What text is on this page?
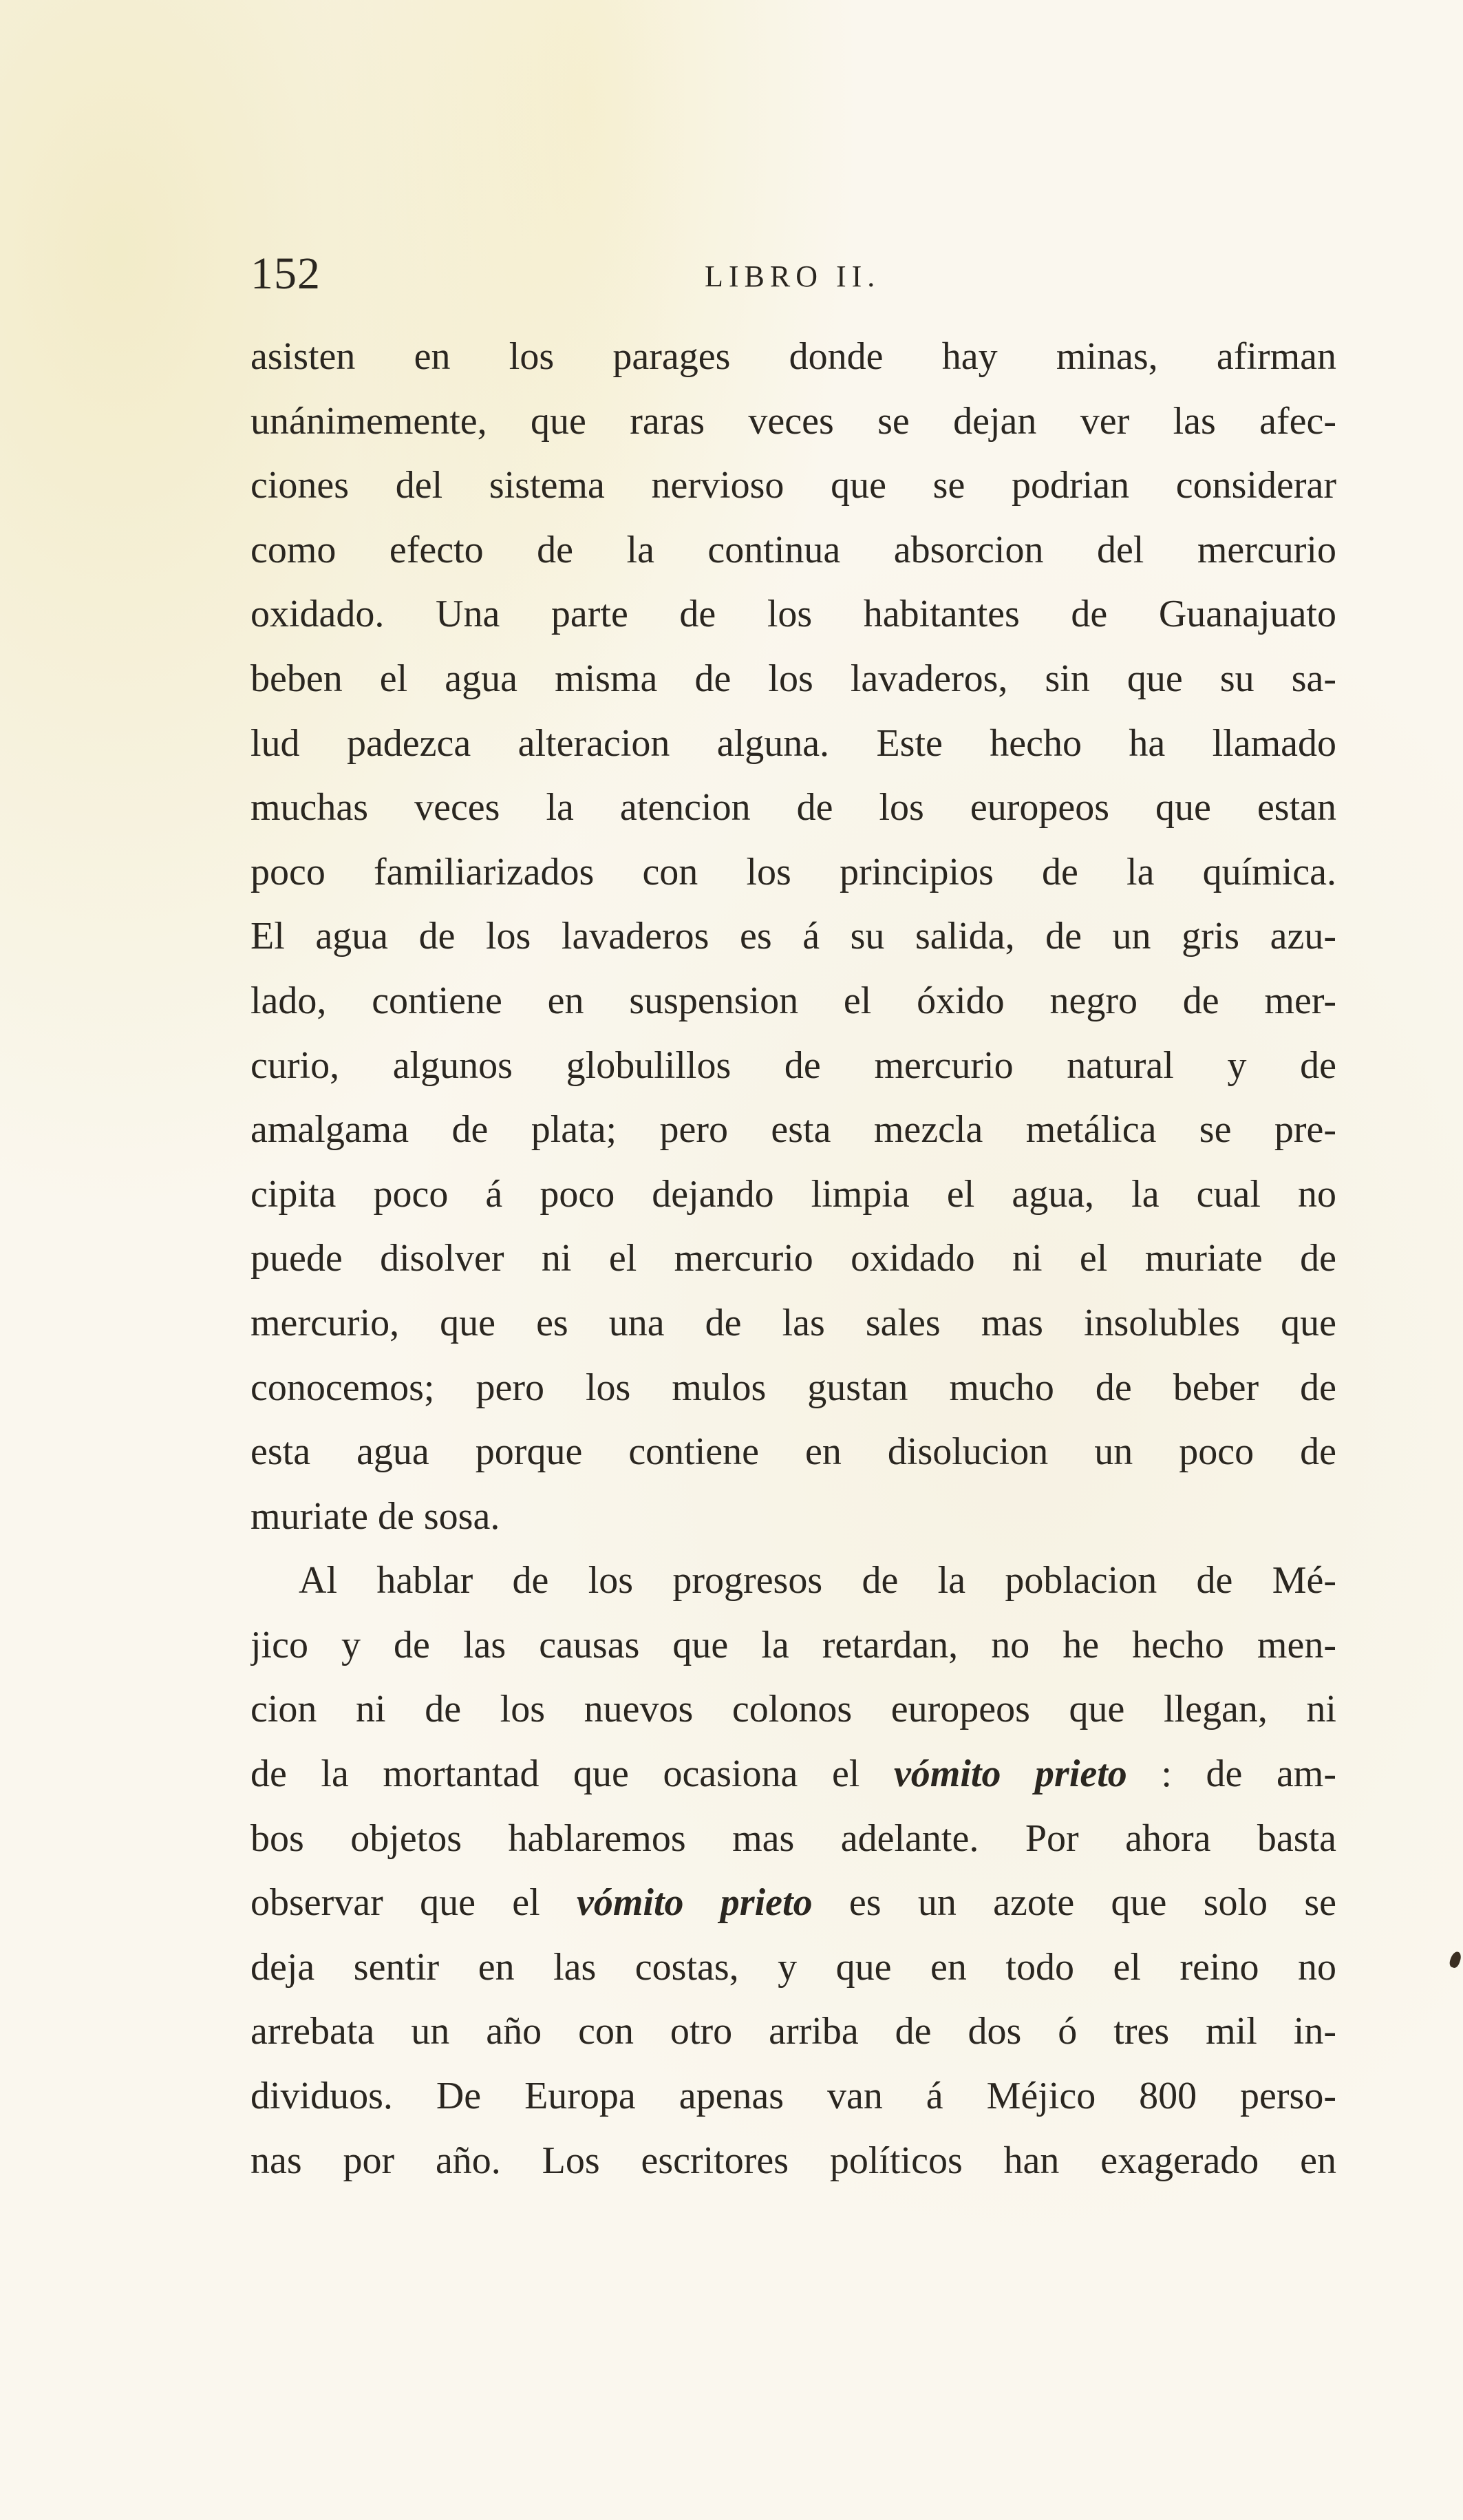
152	LIBRO II.
asisten en los parages donde hay minas, afirman
unánimemente, que raras veces se dejan ver las afec-
ciones del sistema nervioso que se podrian considerar
como efecto de la continua absorcion del mercurio
oxidado. Una parte de los habitantes de Guanajuato
beben el agua misma de los lavaderos, sin que su sa-
lud padezca alteracion alguna. Este hecho ha llamado
muchas veces la atencion de los europeos que estan
poco familiarizados con los principios de la química.
El agua de los lavaderos es á su salida, de un gris azu-
lado, contiene en suspension el óxido negro de mer-
curio, algunos globulillos de mercurio natural y de
amalgama de plata; pero esta mezcla metálica se pre-
cipita poco á poco dejando limpia el agua, la cual no
puede disolver ni el mercurio oxidado ni el muriate de
mercurio, que es una de las sales mas insolubles que
conocemos; pero los mulos gustan mucho de beber de
esta agua porque contiene en disolucion un poco de
muriate de sosa.
Al hablar de los progresos de la poblacion de Mé-
jico y de las causas que la retardan, no he hecho men-
cion ni de los nuevos colonos europeos que llegan, ni
de la mortantad que ocasiona el vómito prieto : de am-
bos objetos hablaremos mas adelante. Por ahora basta
observar que el vómito prieto es un azote que solo se
deja sentir en las costas, y que en todo el reino no
arrebata un año con otro arriba de dos ó tres mil in-
dividuos. De Europa apenas van á Méjico 800 perso-
nas por año. Los escritores políticos han exagerado en
